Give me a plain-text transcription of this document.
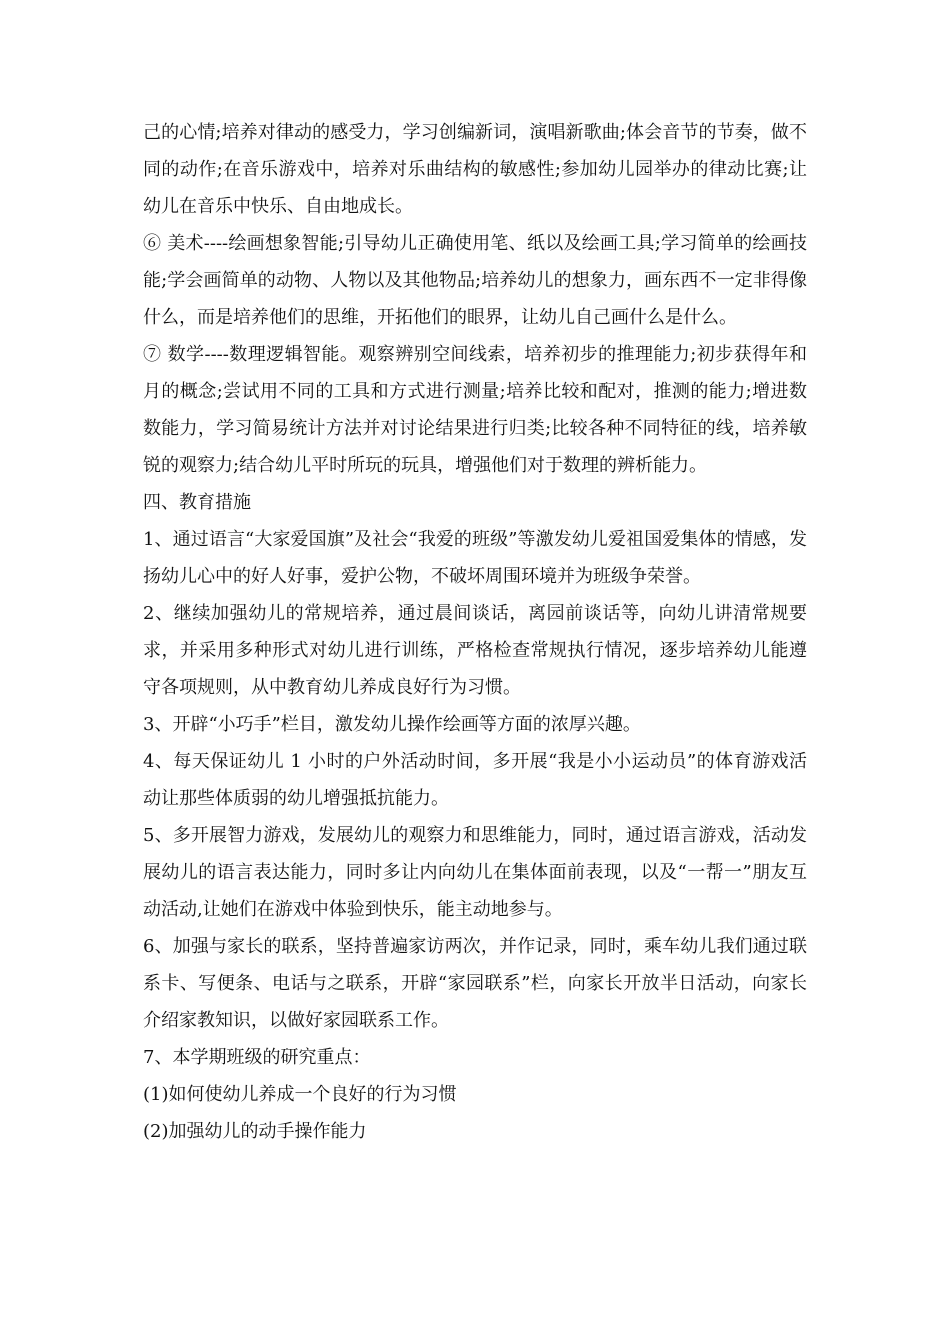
己的心情;培养对律动的感受力，学习创编新词，演唱新歌曲;体会音节的节奏，做不同的动作;在音乐游戏中，培养对乐曲结构的敏感性;参加幼儿园举办的律动比赛;让幼儿在音乐中快乐、自由地成长。

⑥ 美术----绘画想象智能;引导幼儿正确使用笔、纸以及绘画工具;学习简单的绘画技能;学会画简单的动物、人物以及其他物品;培养幼儿的想象力，画东西不一定非得像什么，而是培养他们的思维，开拓他们的眼界，让幼儿自己画什么是什么。

⑦ 数学----数理逻辑智能。观察辨别空间线索，培养初步的推理能力;初步获得年和月的概念;尝试用不同的工具和方式进行测量;培养比较和配对，推测的能力;增进数数能力，学习简易统计方法并对讨论结果进行归类;比较各种不同特征的线，培养敏锐的观察力;结合幼儿平时所玩的玩具，增强他们对于数理的辨析能力。

四、教育措施

1、通过语言“大家爱国旗”及社会“我爱的班级”等激发幼儿爱祖国爱集体的情感，发扬幼儿心中的好人好事，爱护公物，不破坏周围环境并为班级争荣誉。

2、继续加强幼儿的常规培养，通过晨间谈话，离园前谈话等，向幼儿讲清常规要求，并采用多种形式对幼儿进行训练，严格检查常规执行情况，逐步培养幼儿能遵守各项规则，从中教育幼儿养成良好行为习惯。

3、开辟“小巧手”栏目，激发幼儿操作绘画等方面的浓厚兴趣。

4、每天保证幼儿 1 小时的户外活动时间，多开展“我是小小运动员”的体育游戏活动让那些体质弱的幼儿增强抵抗能力。

5、多开展智力游戏，发展幼儿的观察力和思维能力，同时，通过语言游戏，活动发展幼儿的语言表达能力，同时多让内向幼儿在集体面前表现，以及“一帮一”朋友互动活动,让她们在游戏中体验到快乐，能主动地参与。

6、加强与家长的联系，坚持普遍家访两次，并作记录，同时，乘车幼儿我们通过联系卡、写便条、电话与之联系，开辟“家园联系”栏，向家长开放半日活动，向家长介绍家教知识，以做好家园联系工作。

7、本学期班级的研究重点：

(1)如何使幼儿养成一个良好的行为习惯

(2)加强幼儿的动手操作能力
